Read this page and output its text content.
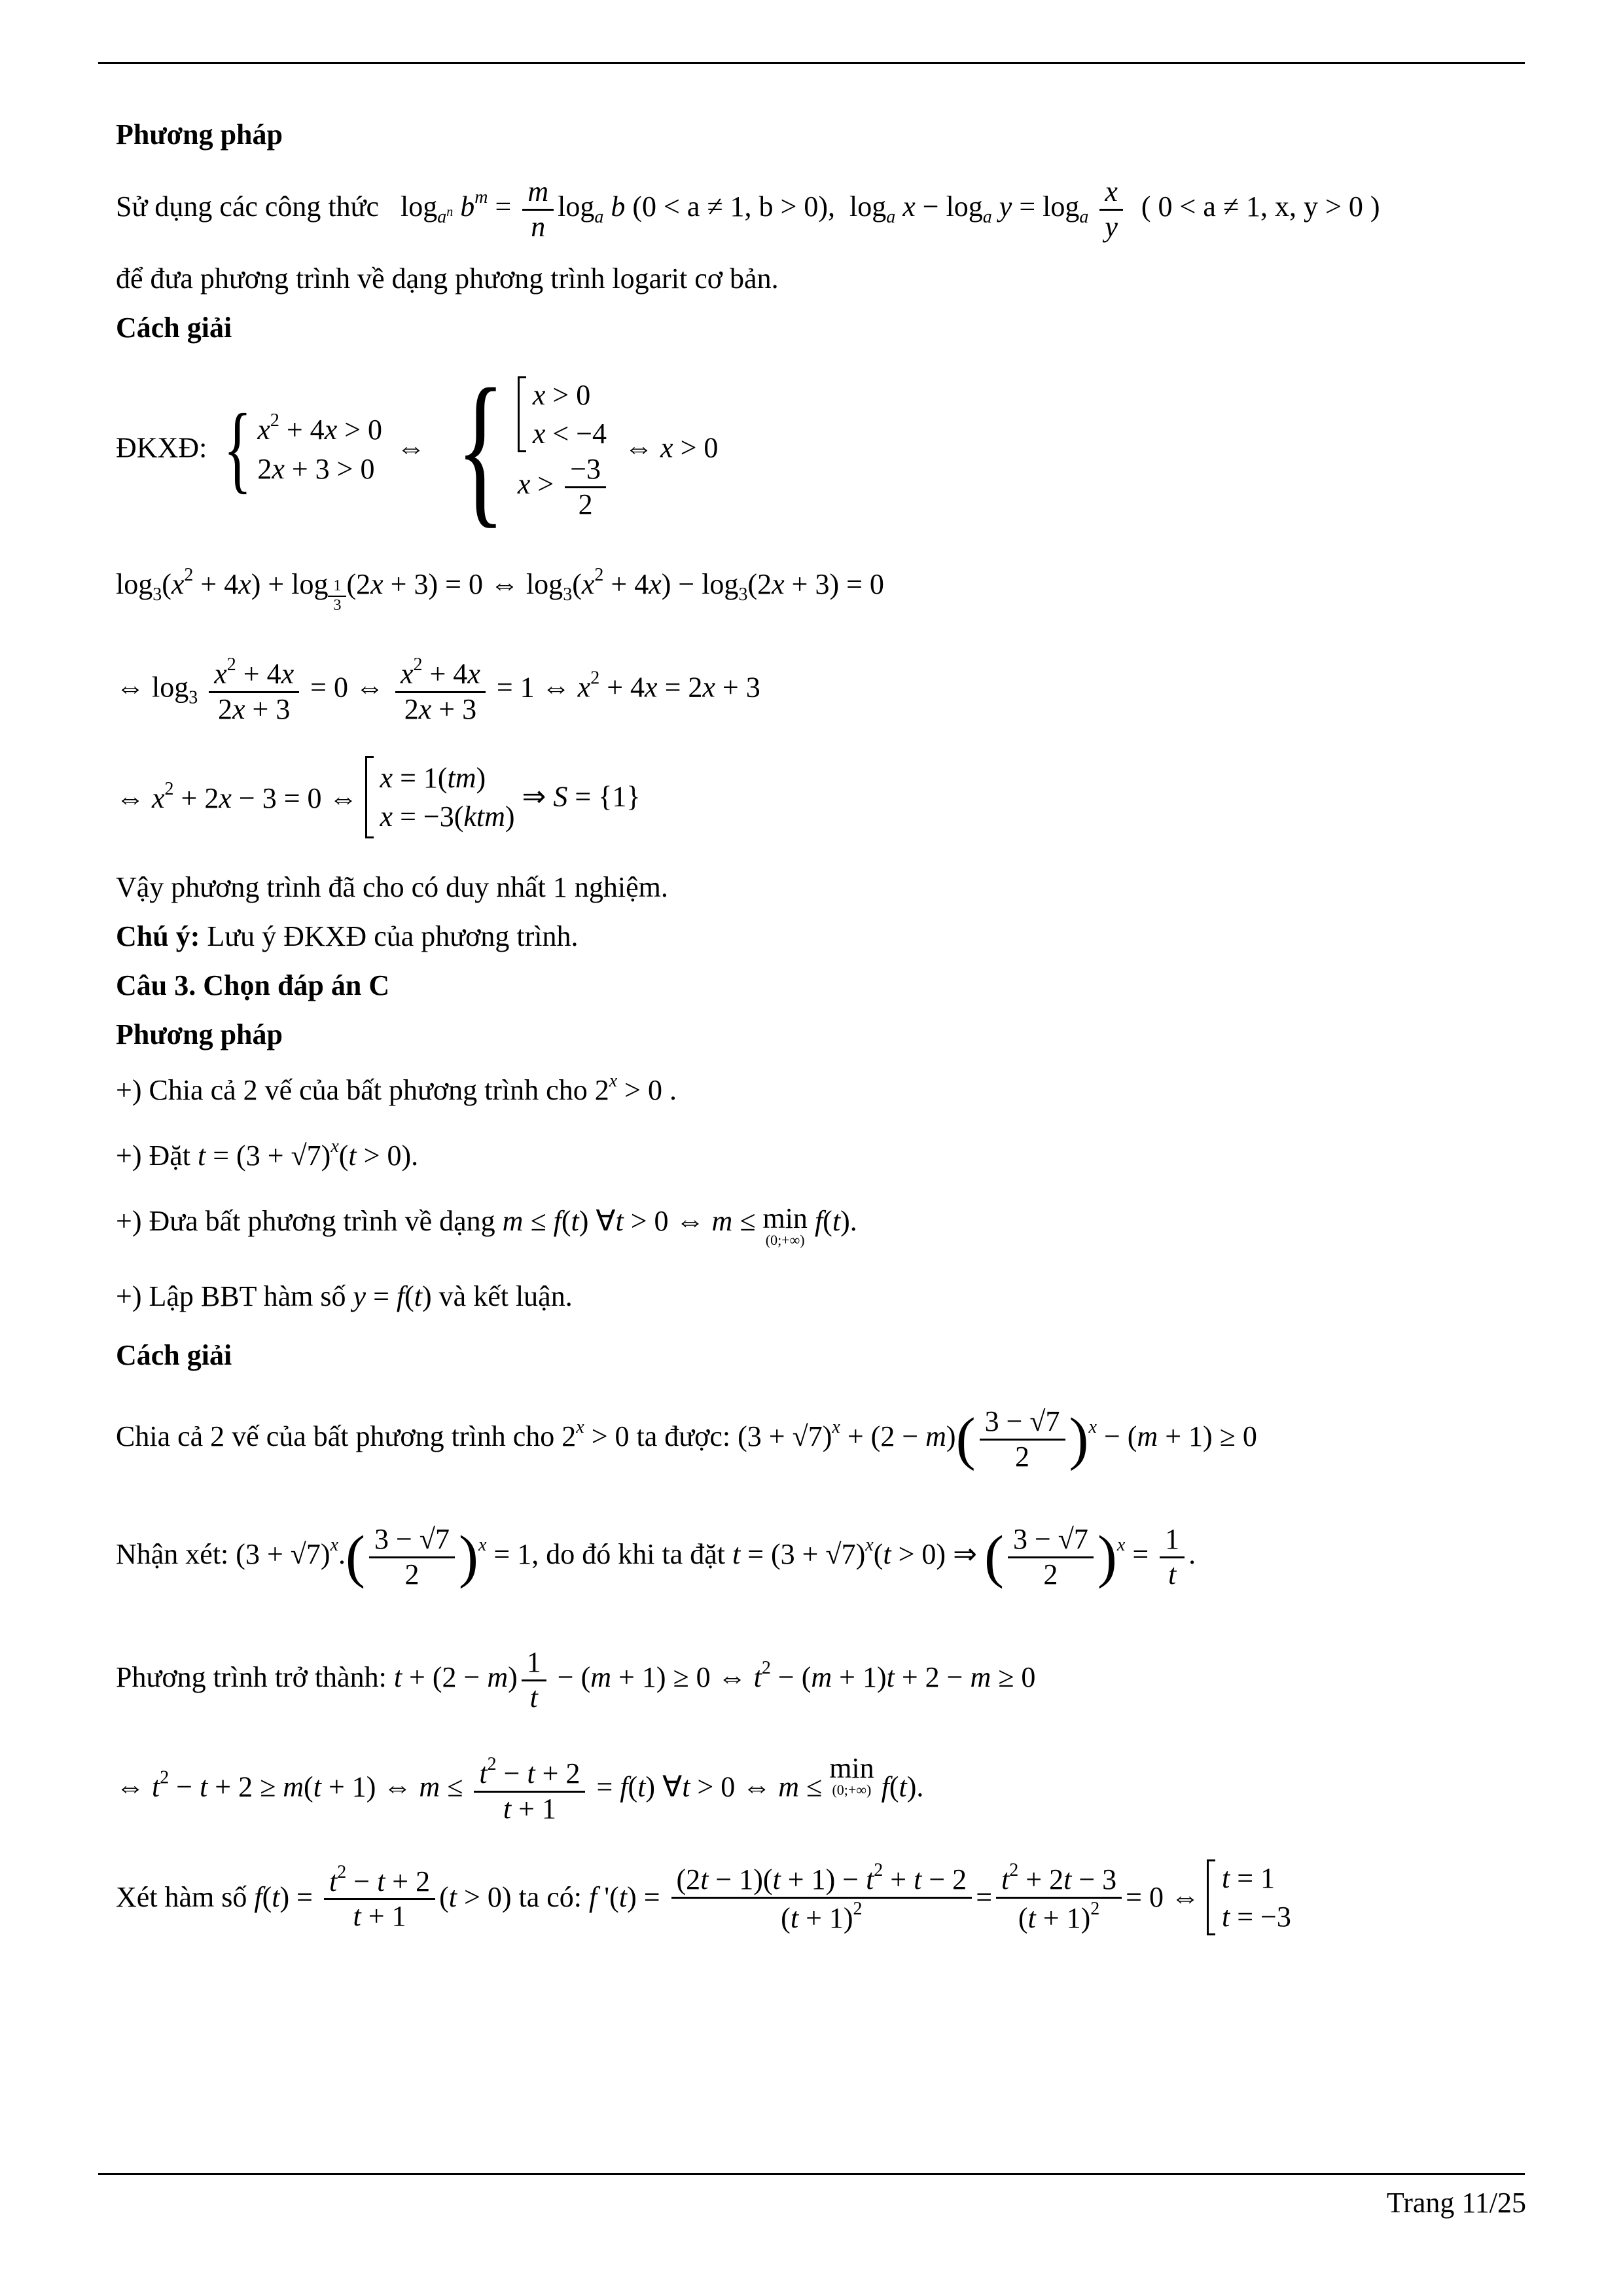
Phương pháp
Sử dụng các công thức   $\log_{a^n} b^m = \frac{m}{n} \log_a b$ (0 < a ≠ 1, b > 0),  $\log_a x - \log_a y = \log_a \frac{x}{y}$ ( 0 < a ≠ 1, x, y > 0 )
để đưa phương trình về dạng phương trình logarit cơ bản.
Cách giải
ĐKXĐ: { $x^2 + 4x > 0$
2x + 3 > 0
⇔ { x > 0
x < −4
$x > \frac{-3}{2}$
⇔ x > 0
$\log_3(x^2 + 4x) + \log _{\frac{1}{3}}$ (2x + 3) = 0 ⇔ $\log_3(x^2 + 4x) - \log_3(2x + 3) = 0$
⇔ $\log_3 \frac{x^2 + 4x}{2x + 3} = 0$ ⇔ $\frac{x^2 + 4x}{2x + 3} = 1$ ⇔ $x^2 + 4x = 2x + 3$
⇔ $x^2 + 2x - 3 = 0$ ⇔
x = 1(tm)
x = −3(ktm)
⇒ S = {1}
Vậy phương trình đã cho có duy nhất 1 nghiệm.
Chú ý: Lưu ý ĐKXĐ của phương trình.
Câu 3. Chọn đáp án C
Phương pháp
+) Chia cả 2 vế của bất phương trình cho $2^x > 0$ .
+) Đặt $t = (3 + √7)^x(t > 0)$.
+) Đưa bất phương trình về dạng m ≤ f(t) ∀t > 0 ⇔ m ≤ min
(0;+∞)
f(t).
+) Lập BBT hàm số y = f(t) và kết luận.
Cách giải
Chia cả 2 vế của bất phương trình cho $2^x > 0$ ta được: $(3 + √7)^x + (2 - m)( \frac{3 - √7}{2} )^x - (m + 1) \ge 0$
Nhận xét: $(3 + √7)^x.( \frac{3 - √7}{2} )^x = 1$, do đó khi ta đặt $t = (3 + √7)^x(t > 0)$ ⇒ ( $\frac{3 - √7}{2} )^x = \frac{1}{t}$ .
Phương trình trở thành: $t + (2 - m) \frac{1}{t} - (m + 1) \ge 0$ ⇔ $t^2 - (m + 1)t + 2 - m \ge 0$
⇔ $t^2 - t + 2 \ge m(t + 1)$ ⇔ $m \le \frac{t^2 - t + 2}{t + 1} = f(t)$ ∀t > 0 ⇔ m ≤
min
(0;+∞) f(t).
Xét hàm số $f(t) = \frac{t^2 - t + 2}{t + 1} (t > 0)$ ta có: f '$(t) = \frac{(2t - 1)(t + 1) - t^2 + t - 2}{(t + 1)^2} = \frac{t^2 + 2t - 3}{(t + 1)^2} = 0$ ⇔
t = 1
t = −3
Trang 11/25
